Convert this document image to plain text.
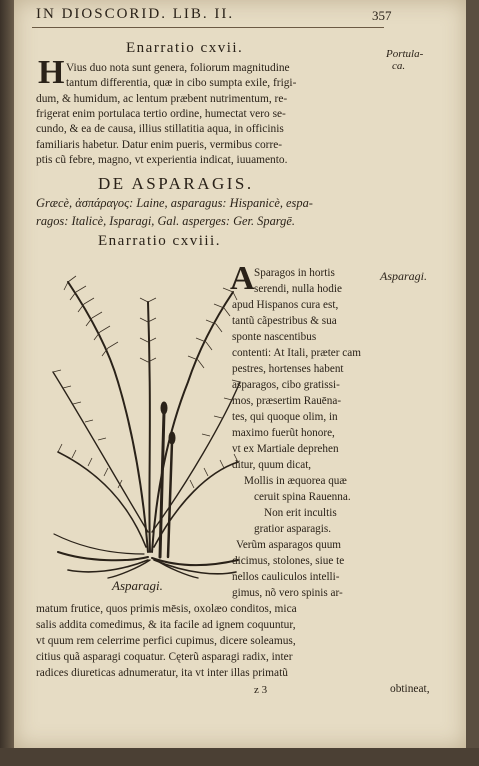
IN DIOSCORID. LIB. II.	357
Enarratio cxvii.	Portula-
ca.
H Vius duo nota sunt genera, foliorum magnitudine
tantum differentia, quæ in cibo sumpta exile, frigi-
dum, & humidum, ac lentum præbent nutrimentum, re-
frigerat enim portulaca tertio ordine, humectat vero se-
cundo, & ea de causa, illius stillatitia aqua, in officinis
familiaris habetur. Datur enim pueris, vermibus corre-
ptis cũ febre, magno, vt experientia indicat, iuuamento.
DE ASPARAGIS.
Græcè, ἀσπάραγος: Laine, asparagus: Hispanicè, espa-
ragos: Italicè, Isparagi, Gal. asperges: Ger. Spargē.
Enarratio cxviii.
Asparagi.
A Sparagos in hortis
serendi, nulla hodie
apud Hispanos cura est,
tantũ cãpestribus & sua
sponte nascentibus
contenti: At Itali, præter cam
pestres, hortenses habent
asparagos, cibo gratissi-
mos, præsertim Rauēna-
tes, qui quoque olim, in
maximo fuerũt honore,
vt ex Martiale deprehen
ditur, quum dicat,
Mollis in æquorea quæ
ceruit spina Rauenna.
Non erit incultis
gratior asparagis.
Verũm asparagos quum
dicimus, stolones, siue te
nellos cauliculos intelli-
gimus, nõ vero spinis ar-
Asparagi.
matum frutice, quos primis mēsis, oxolæo conditos, mica
salis addita comedimus, & ita facile ad ignem coquuntur,
vt quum rem celerrime perfici cupimus, dicere soleamus,
citius quã asparagi coquatur. Cęterũ asparagi radix, inter
radices diureticas adnumeratur, ita vt inter illas primatũ
z 3	obtineat,
